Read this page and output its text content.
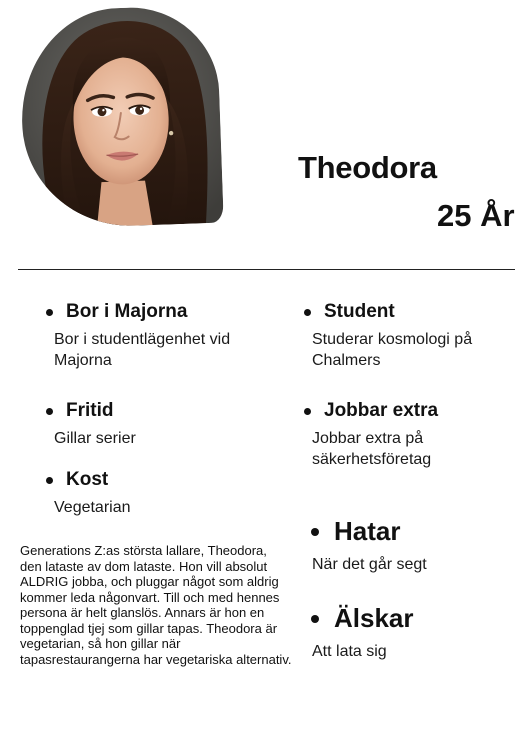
Theodora
25 År
Bor i Majorna
Bor i studentlägenhet vid Majorna
Fritid
Gillar serier
Kost
Vegetarian
Student
Studerar kosmologi på Chalmers
Jobbar extra
Jobbar extra på säkerhetsföretag
Hatar
När det går segt
Älskar
Att lata sig
Generations Z:as största lallare, Theodora, den lataste av dom lataste. Hon vill absolut ALDRIG jobba, och pluggar något som aldrig kommer leda någonvart. Till och med hennes persona är helt glanslös. Annars är hon en toppenglad tjej som gillar tapas. Theodora är vegetarian, så hon gillar när tapasrestaurangerna har vegetariska alternativ.
